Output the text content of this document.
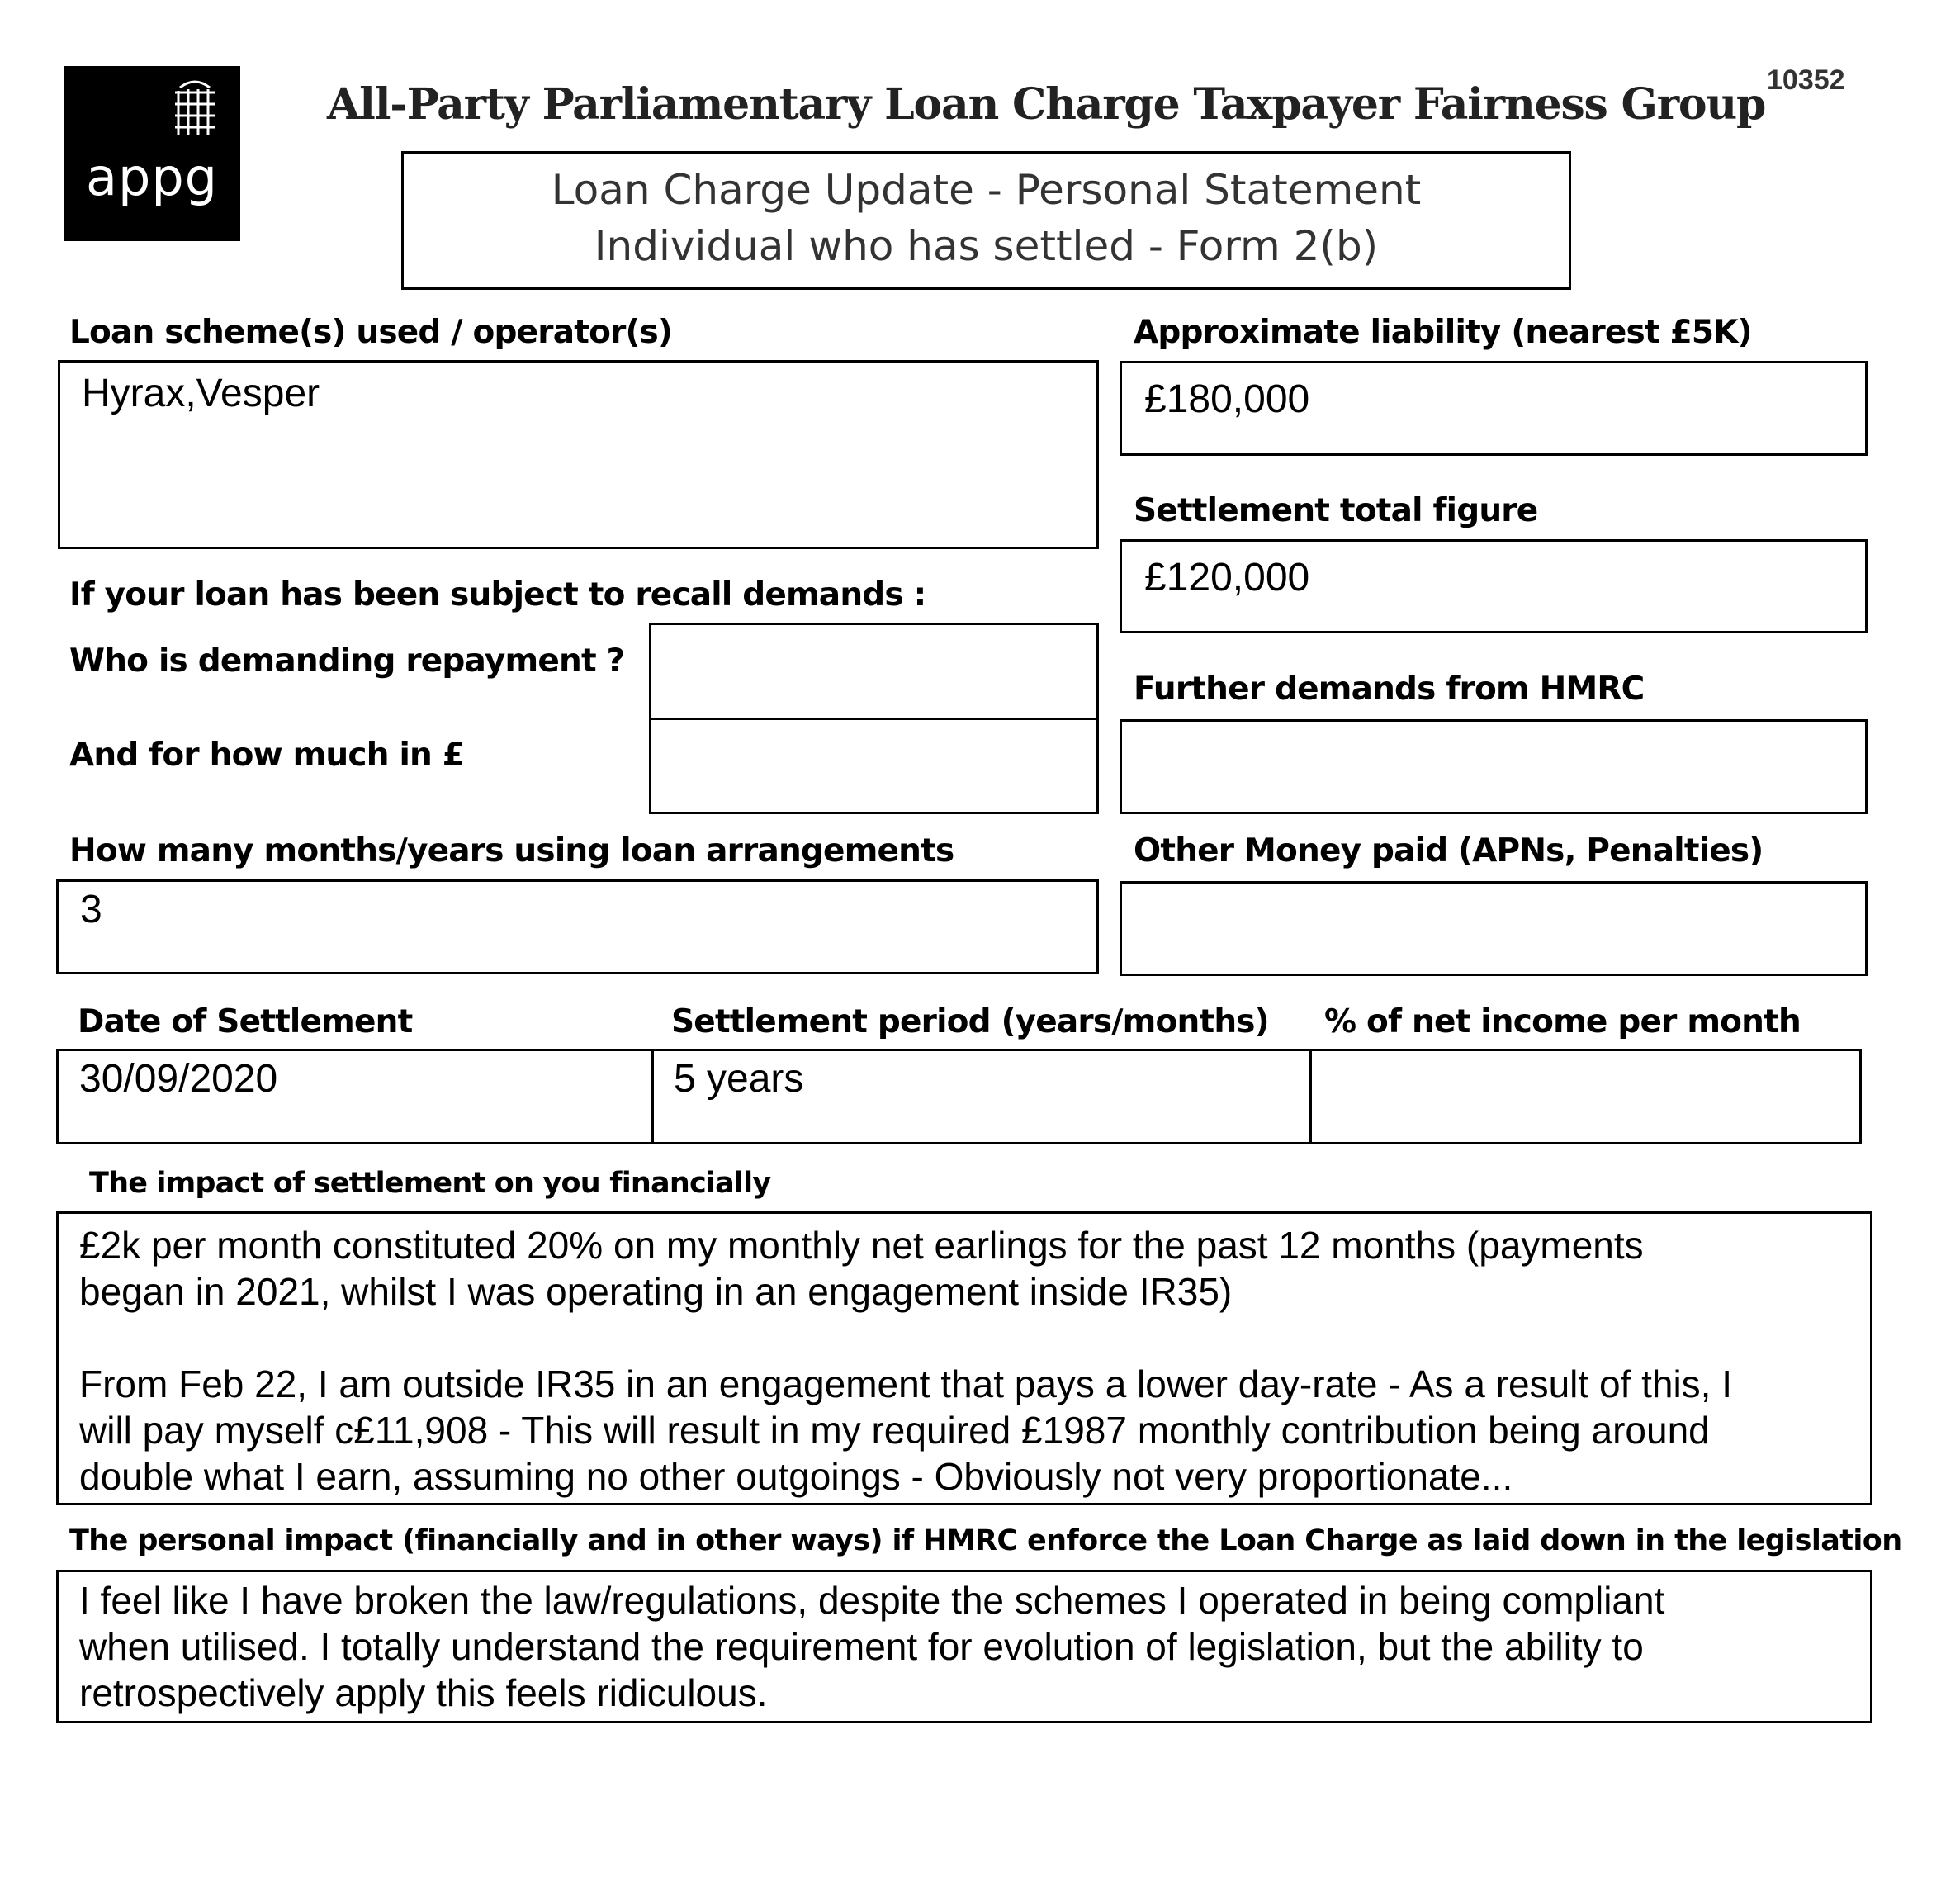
appg
All-Party Parliamentary Loan Charge Taxpayer Fairness Group 10352
Loan Charge Update - Personal Statement
Individual who has settled - Form 2(b)
Loan scheme(s) used / operator(s)
Hyrax,Vesper
Approximate liability (nearest £5K)
£180,000
Settlement total figure
£120,000
If your loan has been subject to recall demands :
Who is demanding repayment ?
And for how much in £
Further demands from HMRC
How many months/years using loan arrangements
3
Other Money paid (APNs, Penalties)
Date of Settlement	Settlement period (years/months) % of net income per month
30/09/2020	5 years
The impact of settlement on you financially
£2k per month constituted 20% on my monthly net earlings for the past 12 months (payments
began in 2021, whilst I was operating in an engagement inside IR35)

From Feb 22, I am outside IR35 in an engagement that pays a lower day-rate - As a result of this, I
will pay myself c£11,908 - This will result in my required £1987 monthly contribution being around
double what I earn, assuming no other outgoings - Obviously not very proportionate...
The personal impact (financially and in other ways) if HMRC enforce the Loan Charge as laid down in the legislation
I feel like I have broken the law/regulations, despite the schemes I operated in being compliant
when utilised. I totally understand the requirement for evolution of legislation, but the ability to
retrospectively apply this feels ridiculous.
